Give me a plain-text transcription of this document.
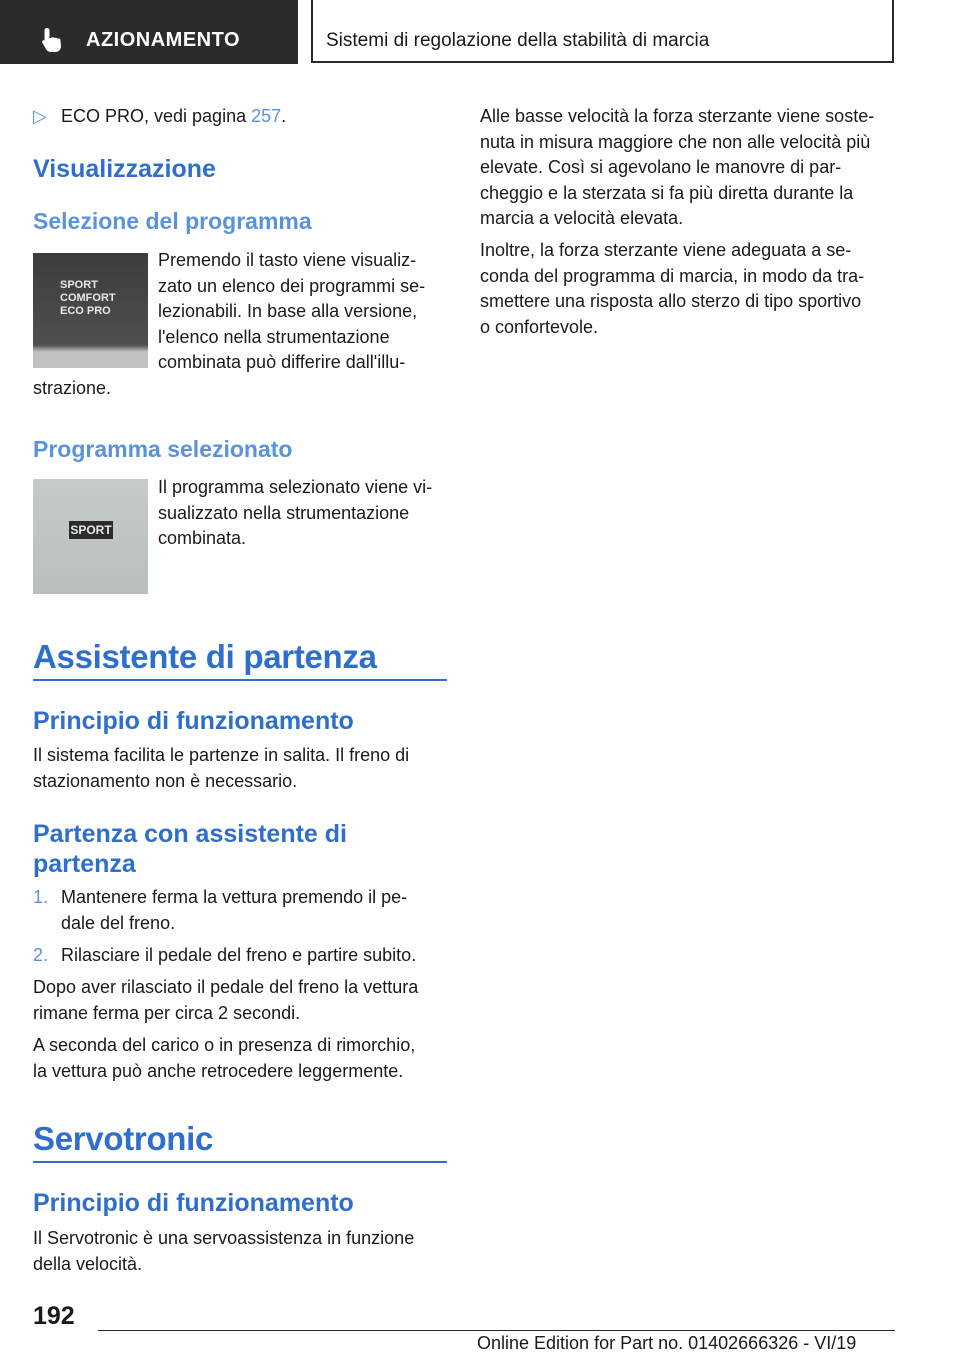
AZIONAMENTO	Sistemi di regolazione della stabilità di marcia

▷ ECO PRO, vedi pagina 257.

Visualizzazione

Selezione del programma

SPORT
COMFORT
ECO PRO
Premendo il tasto viene visualiz-
zato un elenco dei programmi se-
lezionabili. In base alla versione,
l'elenco nella strumentazione
combinata può differire dall'illu-
strazione.

Programma selezionato

SPORT
Il programma selezionato viene vi-
sualizzato nella strumentazione
combinata.

Assistente di partenza

Principio di funzionamento

Il sistema facilita le partenze in salita. Il freno di
stazionamento non è necessario.
Partenza con assistente di
partenza
1. Mantenere ferma la vettura premendo il pe-
dale del freno.
2. Rilasciare il pedale del freno e partire subito.
Dopo aver rilasciato il pedale del freno la vettura
rimane ferma per circa 2 secondi.
A seconda del carico o in presenza di rimorchio,
la vettura può anche retrocedere leggermente.

Servotronic

Principio di funzionamento

Il Servotronic è una servoassistenza in funzione
della velocità.
Alle basse velocità la forza sterzante viene soste-
nuta in misura maggiore che non alle velocità più
elevate. Così si agevolano le manovre di par-
cheggio e la sterzata si fa più diretta durante la
marcia a velocità elevata.
Inoltre, la forza sterzante viene adeguata a se-
conda del programma di marcia, in modo da tra-
smettere una risposta allo sterzo di tipo sportivo
o confortevole.
192
Online Edition for Part no. 01402666326 - VI/19
